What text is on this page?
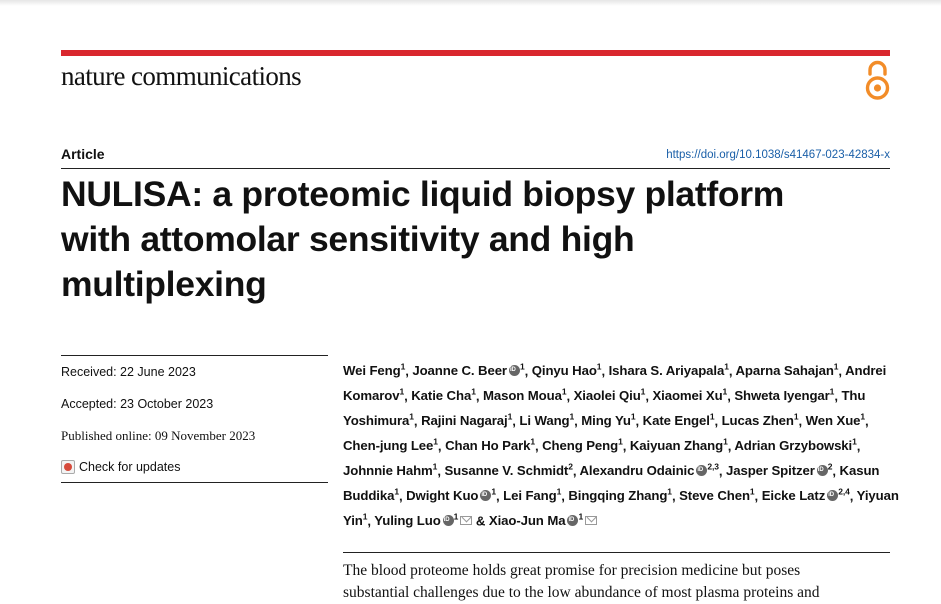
nature communications
Article	https://doi.org/10.1038/s41467-023-42834-x
NULISA: a proteomic liquid biopsy platform
with attomolar sensitivity and high
multiplexing
Received: 22 June 2023
Accepted: 23 October 2023
Published online: 09 November 2023
Check for updates
Wei Feng$^1$, Joanne C. Beer iD $^1$, Qinyu Hao$^1$, Ishara S. Ariyapala$^1$, Aparna Sahajan$^1$, Andrei Komarov$^1$, Katie Cha$^1$, Mason Moua$^1$, Xiaolei Qiu$^1$, Xiaomei Xu$^1$, Shweta Iyengar$^1$, Thu Yoshimura$^1$, Rajini Nagaraj$^1$, Li Wang$^1$, Ming Yu$^1$, Kate Engel$^1$, Lucas Zhen$^1$, Wen Xue$^1$, Chen-jung Lee$^1$, Chan Ho Park$^1$, Cheng Peng$^1$, Kaiyuan Zhang$^1$, Adrian Grzybowski$^1$, Johnnie Hahm$^1$, Susanne V. Schmidt$^2$, Alexandru Odainic iD $^{2,3}$, Jasper Spitzer iD $^2$, Kasun Buddika$^1$, Dwight Kuo iD $^1$, Lei Fang$^1$, Bingqing Zhang$^1$, Steve Chen$^1$, Eicke Latz iD $^{2,4}$, Yiyuan Yin$^1$, Yuling Luo iD $^1$ & Xiao-Jun Ma iD $^1$
The blood proteome holds great promise for precision medicine but poses
substantial challenges due to the low abundance of most plasma proteins and
